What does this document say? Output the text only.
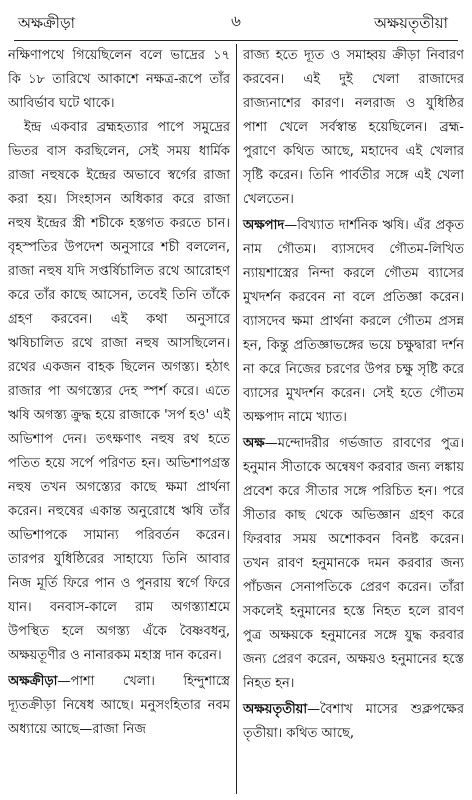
অক্ষক্রীড়া	৬	অক্ষয়তৃতীয়া

নক্ষিণাপথে গিয়েছিলেন বলে ভাদ্রের ১৭ কি ১৮ তারিখে আকাশে নক্ষত্র-রূপে তাঁর আবির্ভাব ঘটে থাকে।

ইন্দ্র একবার ব্রহ্মহত্যার পাপে সমুদ্রের ভিতর বাস করছিলেন, সেই সময় ধার্মিক রাজা নহুষকে ইন্দ্রের অভাবে স্বর্গের রাজা করা হয়। সিংহাসন অধিকার করে রাজা নহুষ ইন্দ্রের স্ত্রী শচীকে হস্তগত করতে চান। বৃহস্পতির উপদেশ অনুসারে শচী বললেন, রাজা নহুষ যদি সপ্তর্ষিচালিত রথে আরোহণ করে তাঁর কাছে আসেন, তবেই তিনি তাঁকে গ্রহণ করবেন। এই কথা অনুসারে ঋষিচালিত রথে রাজা নহুষ আসছিলেন। রথের একজন বাহক ছিলেন অগস্ত্য। হঠাৎ রাজার পা অগস্ত্যের দেহ স্পর্শ করে। এতে ঋষি অগস্ত্য ক্রুদ্ধ হয়ে রাজাকে 'সর্প হও' এই অভিশাপ দেন। তৎক্ষণাৎ নহুষ রথ হতে পতিত হয়ে সর্পে পরিণত হন। অভিশাপগ্রস্ত নহুষ তখন অগস্ত্যের কাছে ক্ষমা প্রার্থনা করেন। নহুষের একান্ত অনুরোধে ঋষি তাঁর অভিশাপকে সামান্য পরিবর্তন করেন। তারপর যুধিষ্ঠিরের সাহায্যে তিনি আবার নিজ মূর্তি ফিরে পান ও পুনরায় স্বর্গে ফিরে যান। বনবাস-কালে রাম অগস্ত্যাশ্রমে উপস্থিত হলে অগস্ত্য এঁকে বৈষ্ণবধনু, অক্ষয়তূণীর ও নানারকম মহাস্ত্র দান করেন।

অক্ষক্রীড়া—পাশা খেলা। হিন্দুশাস্ত্রে দ্যূতক্রীড়া নিষেধ আছে। মনুসংহিতার নবম অধ্যায়ে আছে—রাজা নিজ

রাজ্য হতে দ্যূত ও সমাহ্বয় ক্রীড়া নিবারণ করবেন। এই দুই খেলা রাজাদের রাজ্যনাশের কারণ। নলরাজ ও যুধিষ্ঠির পাশা খেলে সর্বস্বান্ত হয়েছিলেন। ব্রহ্ম-পুরাণে কথিত আছে, মহাদেব এই খেলার সৃষ্টি করেন। তিনি পার্বতীর সঙ্গে এই খেলা খেলতেন।

অক্ষপাদ—বিখ্যাত দার্শনিক ঋষি। এঁর প্রকৃত নাম গৌতম। ব্যাসদেব গৌতম-লিখিত ন্যায়শাস্ত্রের নিন্দা করলে গৌতম ব্যাসের মুখদর্শন করবেন না বলে প্রতিজ্ঞা করেন। ব্যাসদেব ক্ষমা প্রার্থনা করলে গৌতম প্রসন্ন হন, কিন্তু প্রতিজ্ঞাভঙ্গের ভয়ে চক্ষুদ্বারা দর্শন না করে নিজের চরণের উপর চক্ষু সৃষ্টি করে ব্যাসের মুখদর্শন করেন। সেই হতে গৌতম অক্ষপাদ নামে খ্যাত।

অক্ষ—মন্দোদরীর গর্ভজাত রাবণের পুত্র। হনুমান সীতাকে অন্বেষণ করবার জন্য লঙ্কায় প্রবেশ করে সীতার সঙ্গে পরিচিত হন। পরে সীতার কাছ থেকে অভিজ্ঞান গ্রহণ করে ফিরবার সময় অশোকবন বিনষ্ট করেন। তখন রাবণ হনুমানকে দমন করবার জন্য পাঁচজন সেনাপতিকে প্রেরণ করেন। তাঁরা সকলেই হনুমানের হস্তে নিহত হলে রাবণ পুত্র অক্ষয়কে হনুমানের সঙ্গে যুদ্ধ করবার জন্য প্রেরণ করেন, অক্ষয়ও হনুমানের হস্তে নিহত হন।

অক্ষয়তৃতীয়া—বৈশাখ মাসের শুক্লপক্ষের তৃতীয়া। কথিত আছে,
